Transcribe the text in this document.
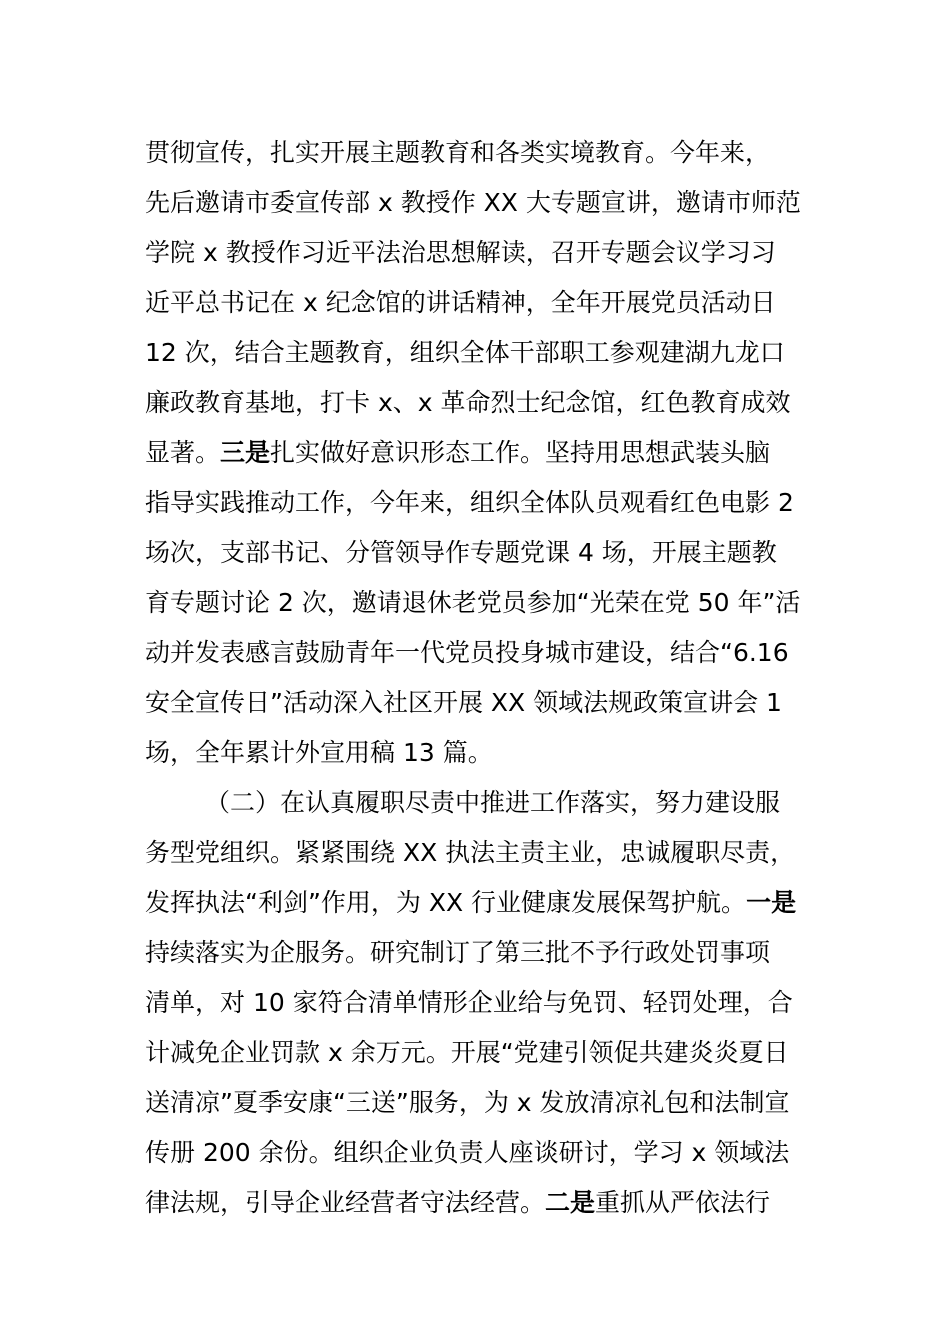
贯彻宣传，扎实开展主题教育和各类实境教育。今年来，
先后邀请市委宣传部 x 教授作 XX 大专题宣讲，邀请市师范
学院 x 教授作习近平法治思想解读，召开专题会议学习习
近平总书记在 x 纪念馆的讲话精神，全年开展党员活动日
12 次，结合主题教育，组织全体干部职工参观建湖九龙口
廉政教育基地，打卡 x、x 革命烈士纪念馆，红色教育成效
显著。三是扎实做好意识形态工作。坚持用思想武装头脑
指导实践推动工作，今年来，组织全体队员观看红色电影 2
场次，支部书记、分管领导作专题党课 4 场，开展主题教
育专题讨论 2 次，邀请退休老党员参加“光荣在党 50 年”活
动并发表感言鼓励青年一代党员投身城市建设，结合“6.16
安全宣传日”活动深入社区开展 XX 领域法规政策宣讲会 1
场，全年累计外宣用稿 13 篇。
（二）在认真履职尽责中推进工作落实，努力建设服
务型党组织。紧紧围绕 XX 执法主责主业，忠诚履职尽责，
发挥执法“利剑”作用，为 XX 行业健康发展保驾护航。一是
持续落实为企服务。研究制订了第三批不予行政处罚事项
清单，对 10 家符合清单情形企业给与免罚、轻罚处理，合
计减免企业罚款 x 余万元。开展“党建引领促共建炎炎夏日
送清凉”夏季安康“三送”服务，为 x 发放清凉礼包和法制宣
传册 200 余份。组织企业负责人座谈研讨，学习 x 领域法
律法规，引导企业经营者守法经营。二是重抓从严依法行
